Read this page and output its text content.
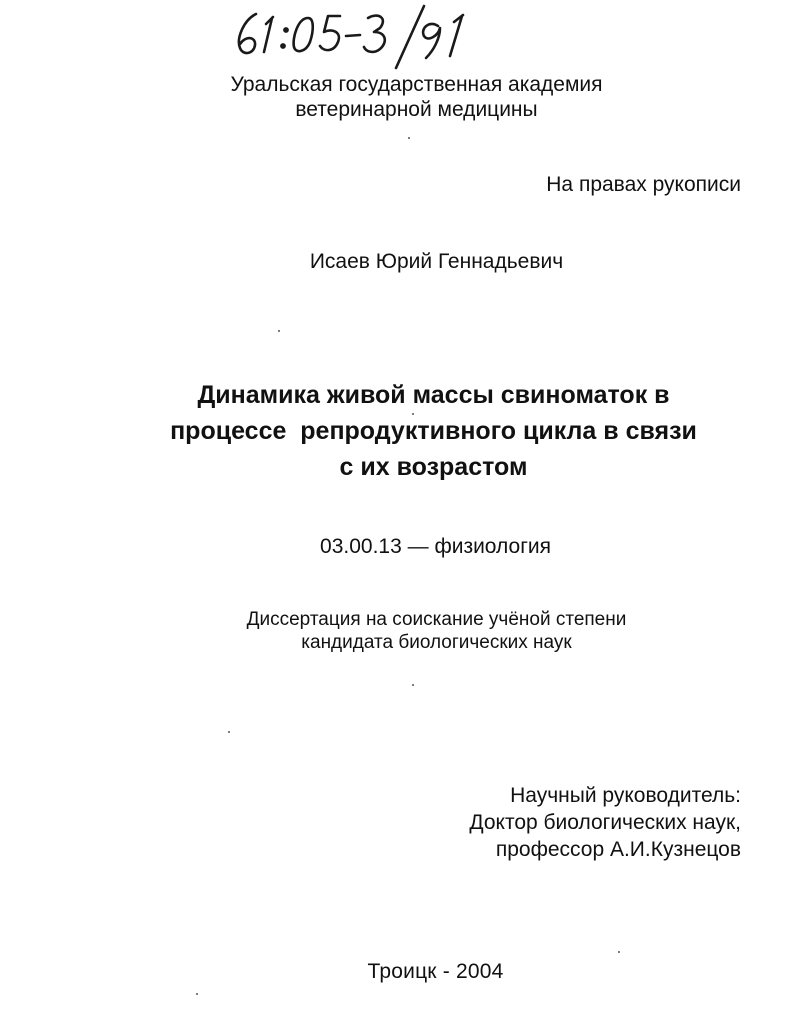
Уральская государственная академия
ветеринарной медицины
На правах рукописи
Исаев Юрий Геннадьевич
Динамика живой массы свиноматок в
процессе  репродуктивного цикла в связи
с их возрастом
03.00.13 — физиология
Диссертация на соискание учёной степени
кандидата биологических наук
Научный руководитель:
Доктор биологических наук,
профессор А.И.Кузнецов
Троицк - 2004
